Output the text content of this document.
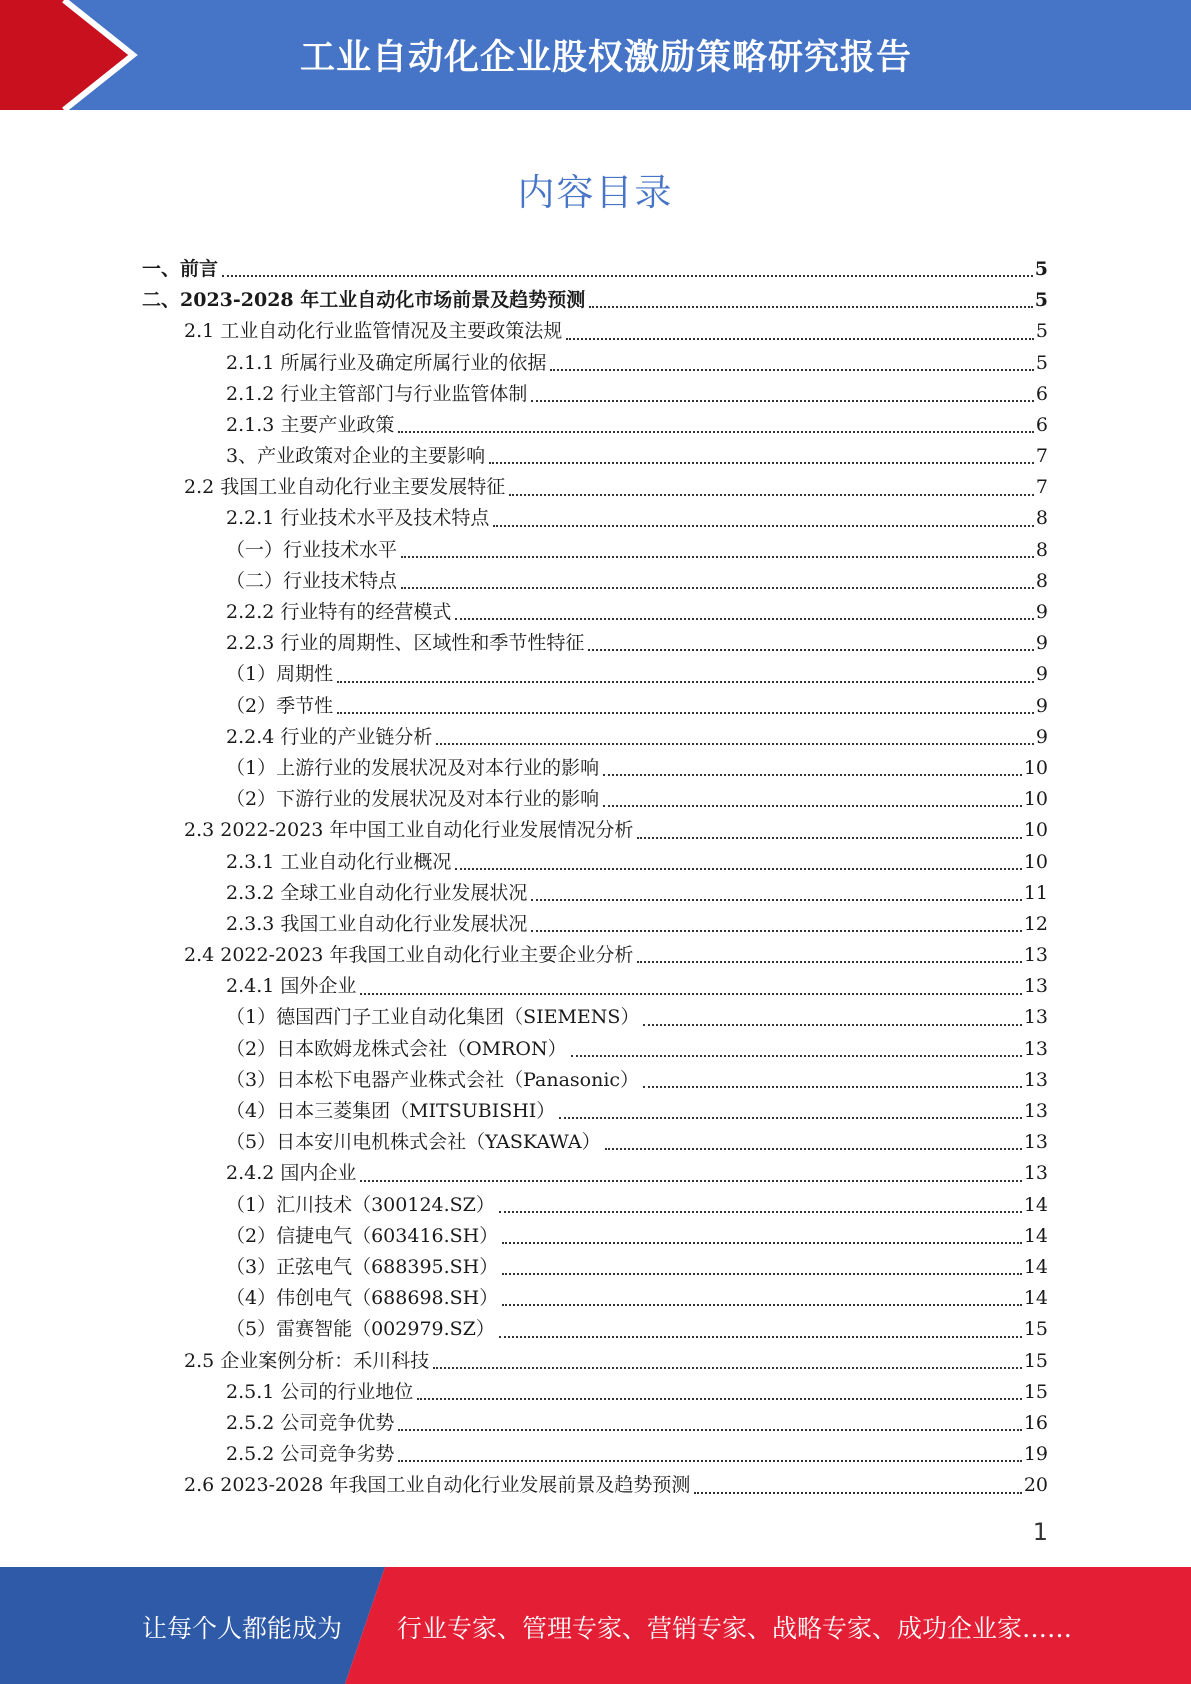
工业自动化企业股权激励策略研究报告
内容目录
一、前言	5
二、2023-2028 年工业自动化市场前景及趋势预测	5
2.1 工业自动化行业监管情况及主要政策法规	5
2.1.1 所属行业及确定所属行业的依据	5
2.1.2 行业主管部门与行业监管体制	6
2.1.3 主要产业政策	6
3、产业政策对企业的主要影响	7
2.2 我国工业自动化行业主要发展特征	7
2.2.1 行业技术水平及技术特点	8
（一）行业技术水平	8
（二）行业技术特点	8
2.2.2 行业特有的经营模式	9
2.2.3 行业的周期性、区域性和季节性特征	9
（1）周期性	9
（2）季节性	9
2.2.4 行业的产业链分析	9
（1）上游行业的发展状况及对本行业的影响	10
（2）下游行业的发展状况及对本行业的影响	10
2.3 2022-2023 年中国工业自动化行业发展情况分析	10
2.3.1 工业自动化行业概况	10
2.3.2 全球工业自动化行业发展状况	11
2.3.3 我国工业自动化行业发展状况	12
2.4 2022-2023 年我国工业自动化行业主要企业分析	13
2.4.1 国外企业	13
（1）德国西门子工业自动化集团（SIEMENS）	13
（2）日本欧姆龙株式会社（OMRON）	13
（3）日本松下电器产业株式会社（Panasonic）	13
（4）日本三菱集团（MITSUBISHI）	13
（5）日本安川电机株式会社（YASKAWA）	13
2.4.2 国内企业	13
（1）汇川技术（300124.SZ）	14
（2）信捷电气（603416.SH）	14
（3）正弦电气（688395.SH）	14
（4）伟创电气（688698.SH）	14
（5）雷赛智能（002979.SZ）	15
2.5 企业案例分析：禾川科技	15
2.5.1 公司的行业地位	15
2.5.2 公司竞争优势	16
2.5.2 公司竞争劣势	19
2.6 2023-2028 年我国工业自动化行业发展前景及趋势预测	20
1
让每个人都能成为 行业专家、管理专家、营销专家、战略专家、成功企业家……
